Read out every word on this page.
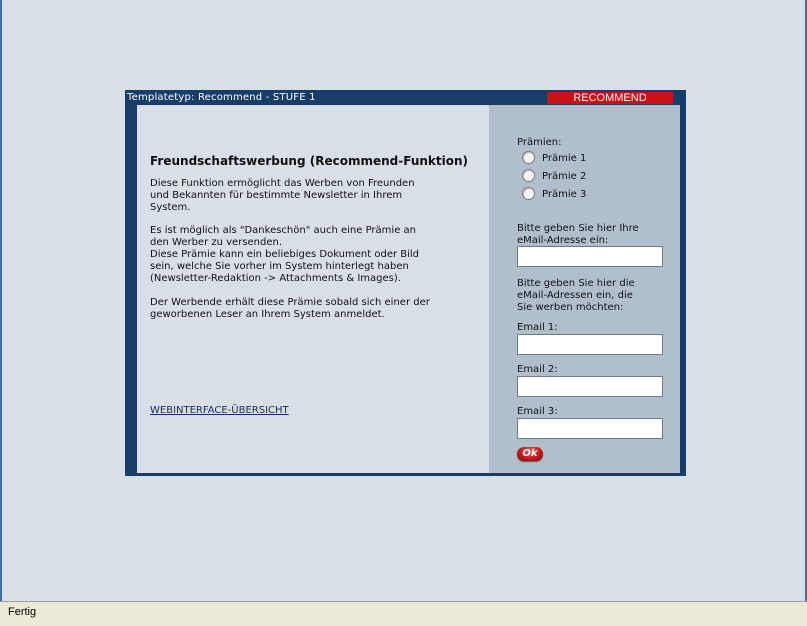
Templatetyp: Recommend - STUFE 1	RECOMMEND
Freundschaftswerbung (Recommend-Funktion)
Diese Funktion ermöglicht das Werben von Freunden
und Bekannten für bestimmte Newsletter in Ihrem
System.
Es ist möglich als "Dankeschön" auch eine Prämie an
den Werber zu versenden.
Diese Prämie kann ein beliebiges Dokument oder Bild
sein, welche Sie vorher im System hinterlegt haben
(Newsletter-Redaktion -> Attachments & Images).
Der Werbende erhält diese Prämie sobald sich einer der
geworbenen Leser an Ihrem System anmeldet.
WEBINTERFACE-ÜBERSICHT
Prämien:
Prämie 1
Prämie 2
Prämie 3
Bitte geben Sie hier Ihre
eMail-Adresse ein:
Bitte geben Sie hier die
eMail-Adressen ein, die
Sie werben möchten:
Email 1:
Email 2:
Email 3:
Ok
Fertig
